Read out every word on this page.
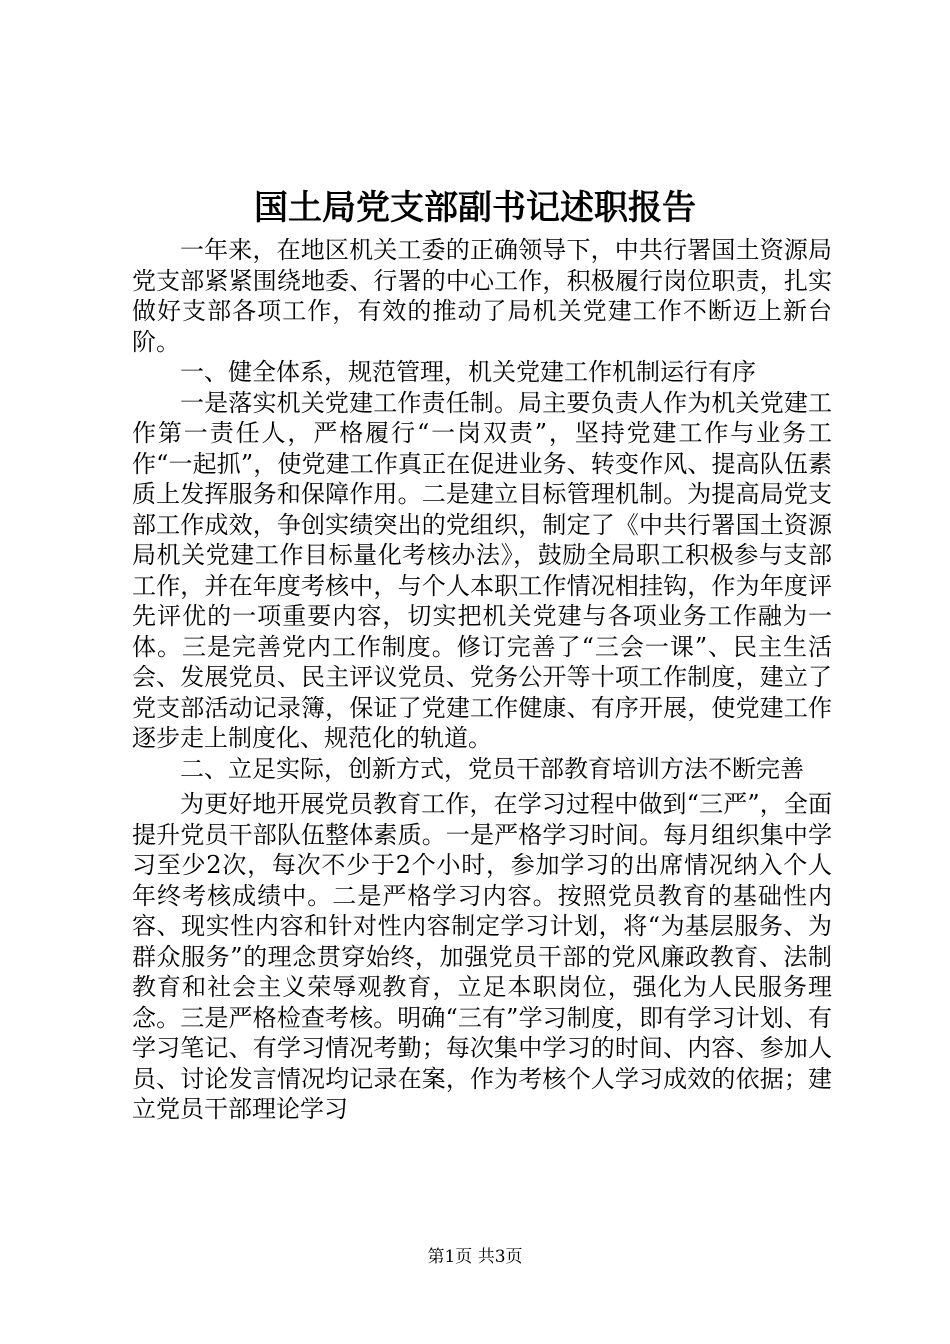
国土局党支部副书记述职报告

一年来，在地区机关工委的正确领导下，中共行署国土资源局党支部紧紧围绕地委、行署的中心工作，积极履行岗位职责，扎实做好支部各项工作，有效的推动了局机关党建工作不断迈上新台阶。

一、健全体系，规范管理，机关党建工作机制运行有序

一是落实机关党建工作责任制。局主要负责人作为机关党建工作第一责任人，严格履行“一岗双责”，坚持党建工作与业务工作“一起抓”，使党建工作真正在促进业务、转变作风、提高队伍素质上发挥服务和保障作用。二是建立目标管理机制。为提高局党支部工作成效，争创实绩突出的党组织，制定了《中共行署国土资源局机关党建工作目标量化考核办法》，鼓励全局职工积极参与支部工作，并在年度考核中，与个人本职工作情况相挂钩，作为年度评先评优的一项重要内容，切实把机关党建与各项业务工作融为一体。三是完善党内工作制度。修订完善了“三会一课”、民主生活会、发展党员、民主评议党员、党务公开等十项工作制度，建立了党支部活动记录簿，保证了党建工作健康、有序开展，使党建工作逐步走上制度化、规范化的轨道。

二、立足实际，创新方式，党员干部教育培训方法不断完善

为更好地开展党员教育工作，在学习过程中做到“三严”，全面提升党员干部队伍整体素质。一是严格学习时间。每月组织集中学习至少2次，每次不少于2个小时，参加学习的出席情况纳入个人年终考核成绩中。二是严格学习内容。按照党员教育的基础性内容、现实性内容和针对性内容制定学习计划，将“为基层服务、为群众服务”的理念贯穿始终，加强党员干部的党风廉政教育、法制教育和社会主义荣辱观教育，立足本职岗位，强化为人民服务理念。三是严格检查考核。明确“三有”学习制度，即有学习计划、有学习笔记、有学习情况考勤；每次集中学习的时间、内容、参加人员、讨论发言情况均记录在案，作为考核个人学习成效的依据；建立党员干部理论学习

第1页 共3页
